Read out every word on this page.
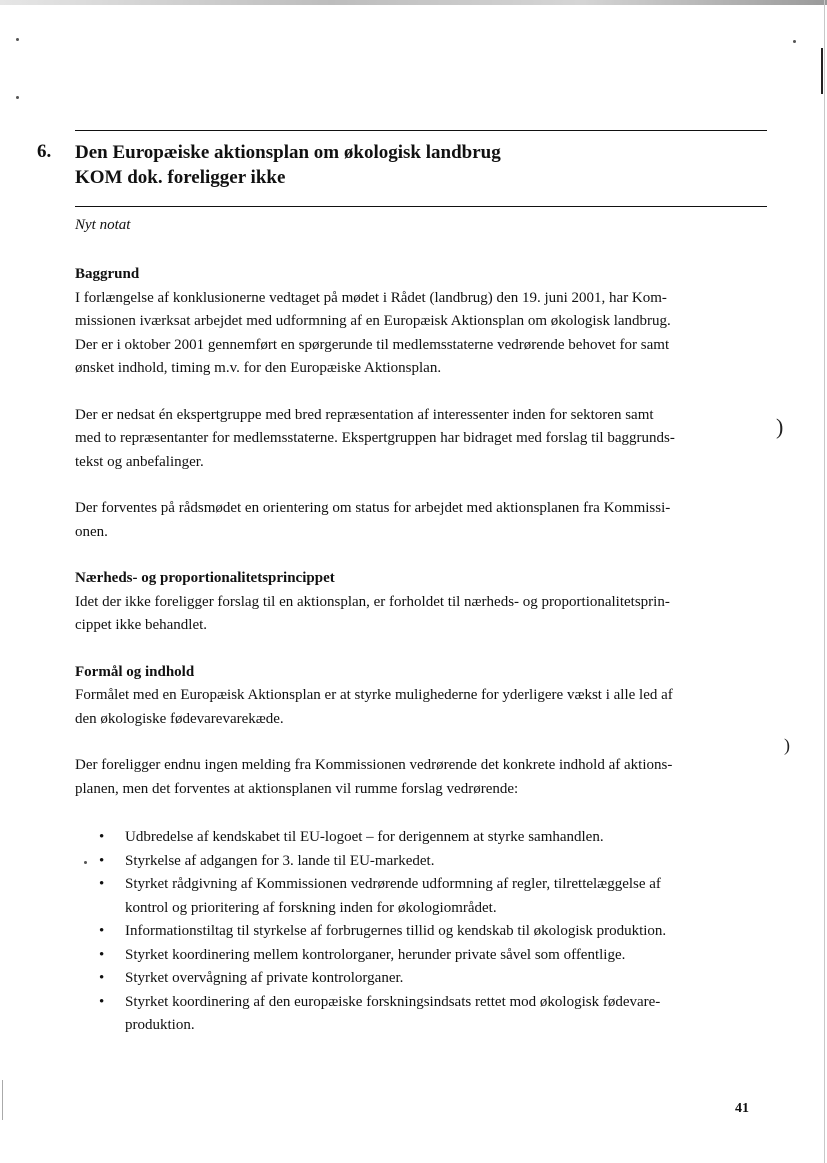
)
)
6. Den Europæiske aktionsplan om økologisk landbrug
KOM dok. foreligger ikke
Nyt notat
Baggrund

I forlængelse af konklusionerne vedtaget på mødet i Rådet (landbrug) den 19. juni 2001, har Kom-
missionen iværksat arbejdet med udformning af en Europæisk Aktionsplan om økologisk landbrug.
Der er i oktober 2001 gennemført en spørgerunde til medlemsstaterne vedrørende behovet for samt
ønsket indhold, timing m.v. for den Europæiske Aktionsplan.

Der er nedsat én ekspertgruppe med bred repræsentation af interessenter inden for sektoren samt
med to repræsentanter for medlemsstaterne. Ekspertgruppen har bidraget med forslag til baggrunds-
tekst og anbefalinger.

Der forventes på rådsmødet en orientering om status for arbejdet med aktionsplanen fra Kommissi-
onen.

Nærheds- og proportionalitetsprincippet

Idet der ikke foreligger forslag til en aktionsplan, er forholdet til nærheds- og proportionalitetsprin-
cippet ikke behandlet.

Formål og indhold

Formålet med en Europæisk Aktionsplan er at styrke mulighederne for yderligere vækst i alle led af
den økologiske fødevarevarekæde.

Der foreligger endnu ingen melding fra Kommissionen vedrørende det konkrete indhold af aktions-
planen, men det forventes at aktionsplanen vil rumme forslag vedrørende:

• Udbredelse af kendskabet til EU-logoet – for derigennem at styrke samhandlen.
• Styrkelse af adgangen for 3. lande til EU-markedet.
• Styrket rådgivning af Kommissionen vedrørende udformning af regler, tilrettelæggelse af
kontrol og prioritering af forskning inden for økologiområdet.
• Informationstiltag til styrkelse af forbrugernes tillid og kendskab til økologisk produktion.
• Styrket koordinering mellem kontrolorganer, herunder private såvel som offentlige.
• Styrket overvågning af private kontrolorganer.
• Styrket koordinering af den europæiske forskningsindsats rettet mod økologisk fødevare-
produktion.
41
